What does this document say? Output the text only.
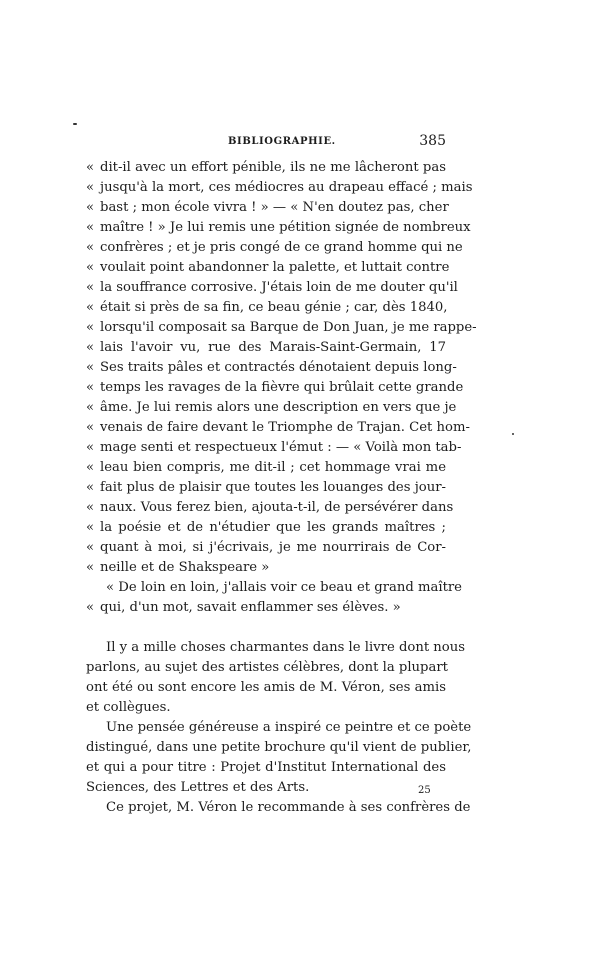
BIBLIOGRAPHIE.	385
« dit-il avec un effort pénible, ils ne me lâcheront pas
« jusqu'à la mort, ces médiocres au drapeau effacé ; mais
« bast ; mon école vivra ! » — « N'en doutez pas, cher
« maître ! » Je lui remis une pétition signée de nombreux
« confrères ; et je pris congé de ce grand homme qui ne
« voulait point abandonner la palette, et luttait contre
« la souffrance corrosive. J'étais loin de me douter qu'il
« était si près de sa fin, ce beau génie ; car, dès 1840,
« lorsqu'il composait sa Barque de Don Juan, je me rappe-
« lais l'avoir vu, rue des Marais-Saint-Germain, 17
« Ses traits pâles et contractés dénotaient depuis long-
« temps les ravages de la fièvre qui brûlait cette grande
« âme. Je lui remis alors une description en vers que je
« venais de faire devant le Triomphe de Trajan. Cet hom-
« mage senti et respectueux l'émut : — « Voilà mon tab-
« leau bien compris, me dit-il ; cet hommage vrai me
« fait plus de plaisir que toutes les louanges des jour-
« naux. Vous ferez bien, ajouta-t-il, de persévérer dans
« la poésie et de n'étudier que les grands maîtres ;
« quant à moi, si j'écrivais, je me nourrirais de Cor-
« neille et de Shakspeare »
« De loin en loin, j'allais voir ce beau et grand maître
« qui, d'un mot, savait enflammer ses élèves. »
Il y a mille choses charmantes dans le livre dont nous
parlons, au sujet des artistes célèbres, dont la plupart
ont été ou sont encore les amis de M. Véron, ses amis
et collègues.
Une pensée généreuse a inspiré ce peintre et ce poète
distingué, dans une petite brochure qu'il vient de publier,
et qui a pour titre : Projet d'Institut International des
Sciences, des Lettres et des Arts.
Ce projet, M. Véron le recommande à ses confrères de
25
